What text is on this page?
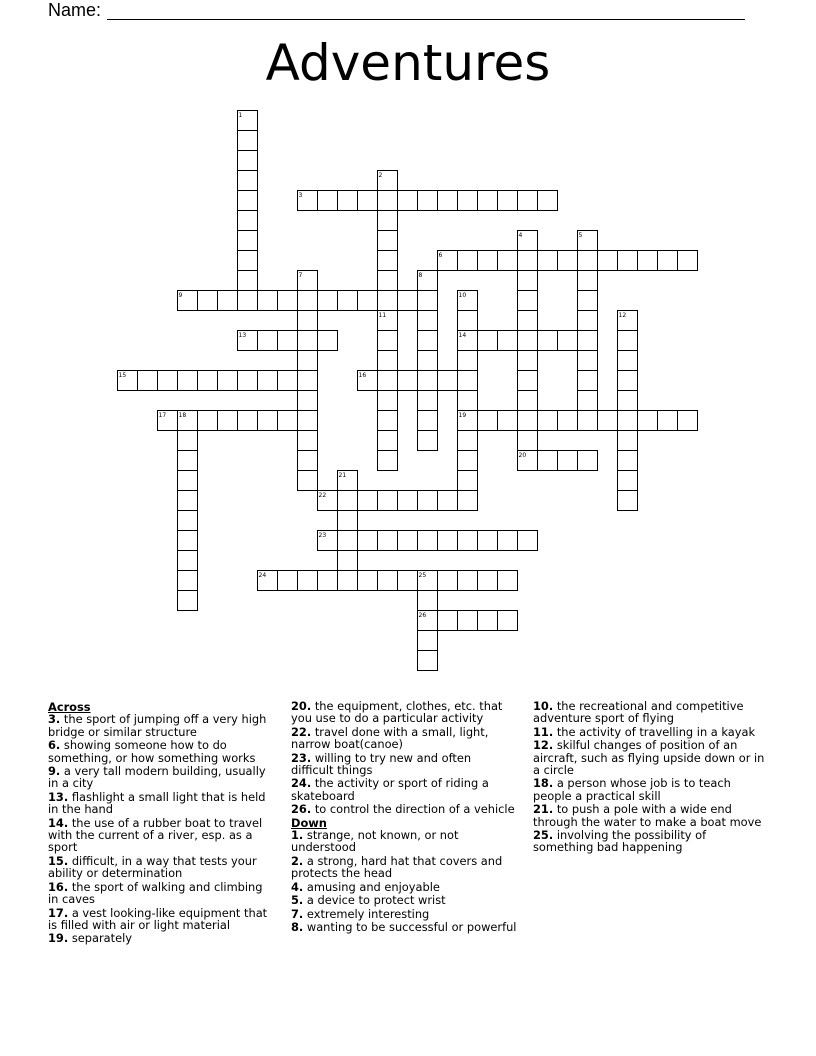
Name:
Adventures
1
2
3
4	5
6
7	8
9	10
11	12
13	14
15	16
17 18	19
20
21
22
23
24	25
26
Across
3. the sport of jumping off a very high bridge or similar structure
6. showing someone how to do something, or how something works
9. a very tall modern building, usually in a city
13. flashlight a small light that is held in the hand
14. the use of a rubber boat to travel with the current of a river, esp. as a sport
15. difficult, in a way that tests your ability or determination
16. the sport of walking and climbing in caves
17. a vest looking-like equipment that is filled with air or light material
19. separately
20. the equipment, clothes, etc. that you use to do a particular activity
22. travel done with a small, light, narrow boat(canoe)
23. willing to try new and often difficult things
24. the activity or sport of riding a skateboard
26. to control the direction of a vehicle
Down
1. strange, not known, or not understood
2. a strong, hard hat that covers and protects the head
4. amusing and enjoyable
5. a device to protect wrist
7. extremely interesting
8. wanting to be successful or powerful
10. the recreational and competitive adventure sport of flying
11. the activity of travelling in a kayak
12. skilful changes of position of an aircraft, such as flying upside down or in a circle
18. a person whose job is to teach people a practical skill
21. to push a pole with a wide end through the water to make a boat move
25. involving the possibility of something bad happening
